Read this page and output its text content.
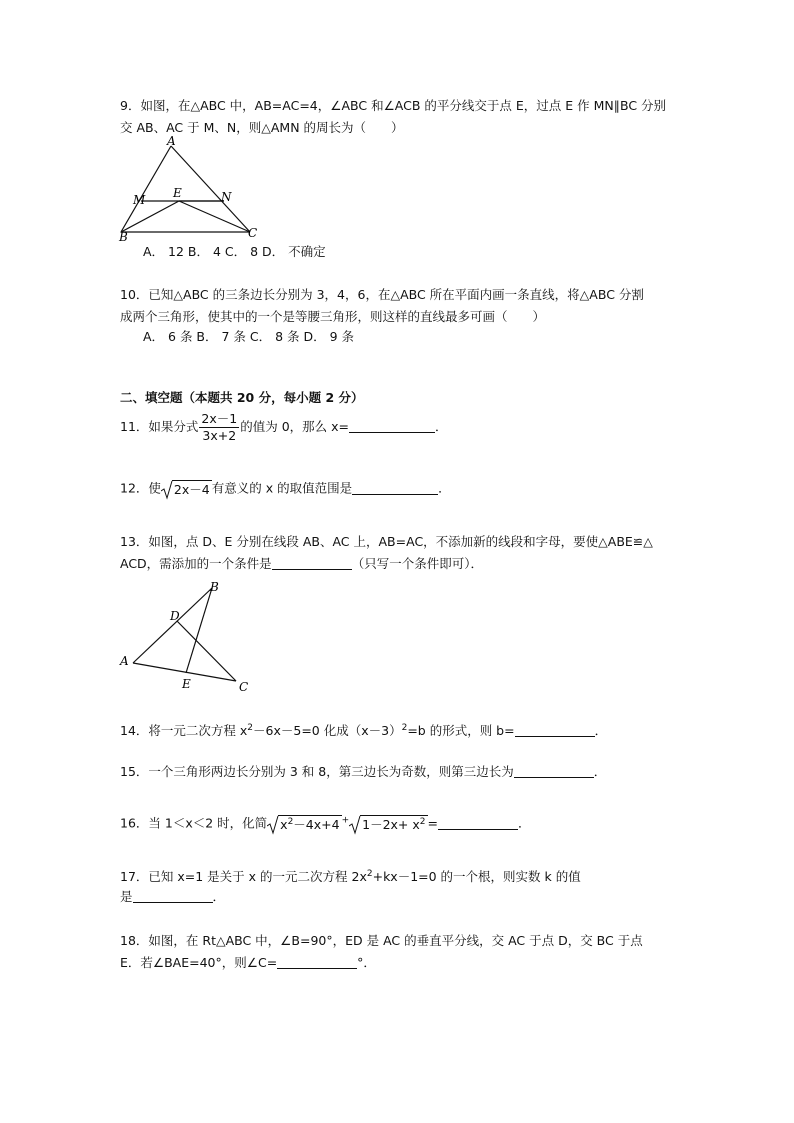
9．如图，在△ABC 中，AB=AC=4，∠ABC 和∠ACB 的平分线交于点 E，过点 E 作 MN∥BC 分别
交 AB、AC 于 M、N，则△AMN 的周长为（　　）
A
M E	N
B	C
A． 12 B． 4 C． 8 D． 不确定
10．已知△ABC 的三条边长分别为 3，4，6，在△ABC 所在平面内画一条直线，将△ABC 分割
成两个三角形，使其中的一个是等腰三角形，则这样的直线最多可画（　　）
A． 6 条 B． 7 条 C． 8 条 D． 9 条
二、填空题（本题共 20 分，每小题 2 分）
11．如果分式 $\frac{2x-1}{3x+2}$ 的值为 0，那么 x=	．
12．使 2x－4 有意义的 x 的取值范围是	．
13．如图，点 D、E 分别在线段 AB、AC 上，AB=AC，不添加新的线段和字母，要使△ABE≌△
ACD，需添加的一个条件是	（只写一个条件即可）．
B
D
A
E	C
14．将一元二次方程 $x^2-6x-5=0$ 化成$(x-3)^2=b$ 的形式，则 b=	．
15．一个三角形两边长分别为 3 和 8，第三边长为奇数，则第三边长为	．
16．当 1＜x＜2 时，化简 $x^2-4x+4$ + $1-2x+ x^2$ =	．
17．已知 x=1 是关于 x 的一元二次方程 $2x^2+kx-1=0$ 的一个根，则实数 k 的值
是	．
18．如图，在 Rt△ABC 中，∠B=90°，ED 是 AC 的垂直平分线，交 AC 于点 D，交 BC 于点
E．若∠BAE=40°，则∠C=	°．
